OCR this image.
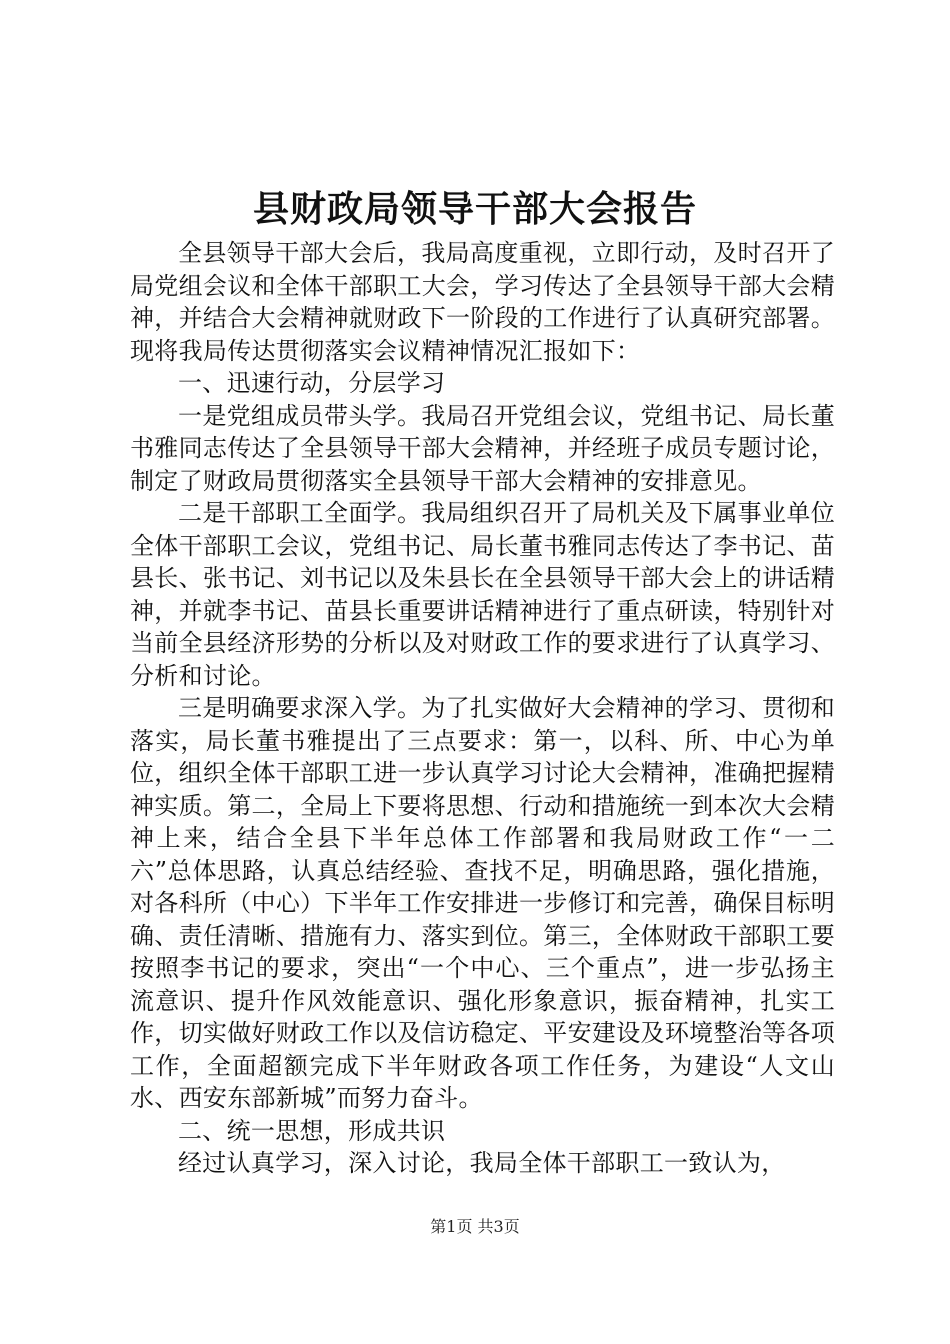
县财政局领导干部大会报告

全县领导干部大会后，我局高度重视，立即行动，及时召开了局党组会议和全体干部职工大会，学习传达了全县领导干部大会精神，并结合大会精神就财政下一阶段的工作进行了认真研究部署。现将我局传达贯彻落实会议精神情况汇报如下：

一、迅速行动，分层学习

一是党组成员带头学。我局召开党组会议，党组书记、局长董书雅同志传达了全县领导干部大会精神，并经班子成员专题讨论，制定了财政局贯彻落实全县领导干部大会精神的安排意见。

二是干部职工全面学。我局组织召开了局机关及下属事业单位全体干部职工会议，党组书记、局长董书雅同志传达了李书记、苗县长、张书记、刘书记以及朱县长在全县领导干部大会上的讲话精神，并就李书记、苗县长重要讲话精神进行了重点研读，特别针对当前全县经济形势的分析以及对财政工作的要求进行了认真学习、分析和讨论。

三是明确要求深入学。为了扎实做好大会精神的学习、贯彻和落实，局长董书雅提出了三点要求：第一，以科、所、中心为单位，组织全体干部职工进一步认真学习讨论大会精神，准确把握精神实质。第二，全局上下要将思想、行动和措施统一到本次大会精神上来，结合全县下半年总体工作部署和我局财政工作“一二六”总体思路，认真总结经验、查找不足，明确思路，强化措施，对各科所（中心）下半年工作安排进一步修订和完善，确保目标明确、责任清晰、措施有力、落实到位。第三，全体财政干部职工要按照李书记的要求，突出“一个中心、三个重点”，进一步弘扬主流意识、提升作风效能意识、强化形象意识，振奋精神，扎实工作，切实做好财政工作以及信访稳定、平安建设及环境整治等各项工作，全面超额完成下半年财政各项工作任务，为建设“人文山水、西安东部新城”而努力奋斗。

二、统一思想，形成共识

经过认真学习，深入讨论，我局全体干部职工一致认为，

第1页 共3页
